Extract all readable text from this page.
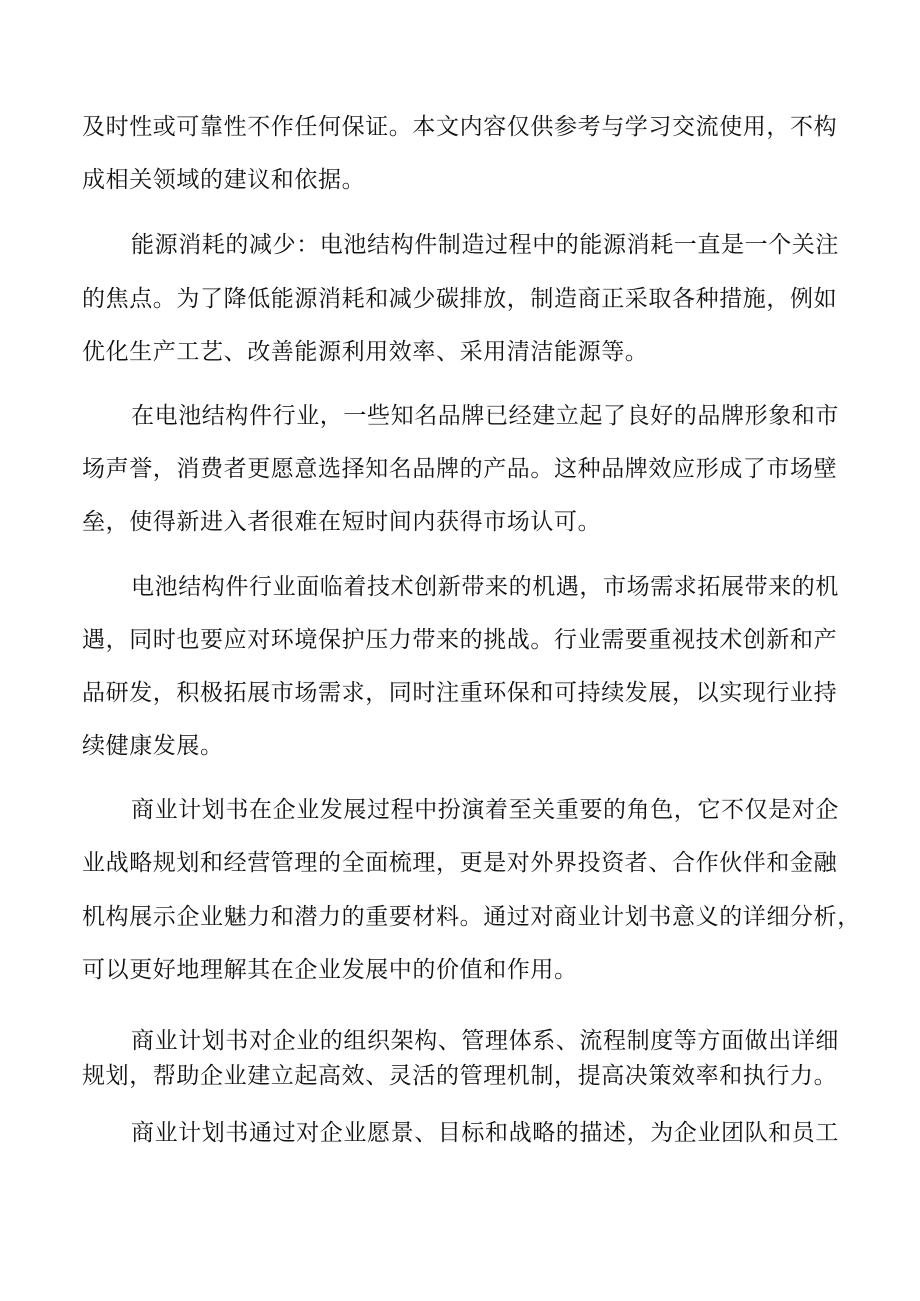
及时性或可靠性不作任何保证。本文内容仅供参考与学习交流使用，不构
成相关领域的建议和依据。
能源消耗的减少：电池结构件制造过程中的能源消耗一直是一个关注
的焦点。为了降低能源消耗和减少碳排放，制造商正采取各种措施，例如
优化生产工艺、改善能源利用效率、采用清洁能源等。
在电池结构件行业，一些知名品牌已经建立起了良好的品牌形象和市
场声誉，消费者更愿意选择知名品牌的产品。这种品牌效应形成了市场壁
垒，使得新进入者很难在短时间内获得市场认可。
电池结构件行业面临着技术创新带来的机遇，市场需求拓展带来的机
遇，同时也要应对环境保护压力带来的挑战。行业需要重视技术创新和产
品研发，积极拓展市场需求，同时注重环保和可持续发展，以实现行业持
续健康发展。
商业计划书在企业发展过程中扮演着至关重要的角色，它不仅是对企
业战略规划和经营管理的全面梳理，更是对外界投资者、合作伙伴和金融
机构展示企业魅力和潜力的重要材料。通过对商业计划书意义的详细分析，
可以更好地理解其在企业发展中的价值和作用。
商业计划书对企业的组织架构、管理体系、流程制度等方面做出详细
规划，帮助企业建立起高效、灵活的管理机制，提高决策效率和执行力。
商业计划书通过对企业愿景、目标和战略的描述，为企业团队和员工
